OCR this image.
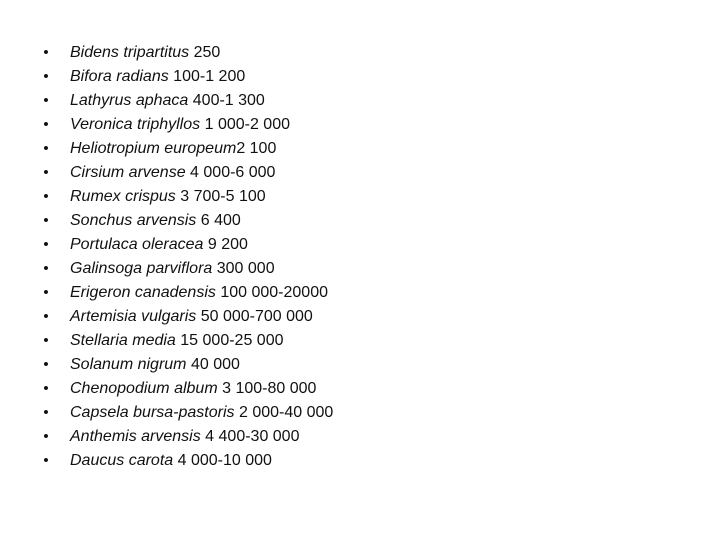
• Bidens tripartitus 250
• Bifora radians 100-1 200
• Lathyrus aphaca 400-1 300
• Veronica triphyllos 1 000-2 000
• Heliotropium europeum2 100
• Cirsium arvense 4 000-6 000
• Rumex crispus 3 700-5 100
• Sonchus arvensis 6 400
• Portulaca oleracea 9 200
• Galinsoga parviflora 300 000
• Erigeron canadensis 100 000-20000
• Artemisia vulgaris 50 000-700 000
• Stellaria media 15 000-25 000
• Solanum nigrum 40 000
• Chenopodium album 3 100-80 000
• Capsela bursa-pastoris 2 000-40 000
• Anthemis arvensis 4 400-30 000
• Daucus carota 4 000-10 000
